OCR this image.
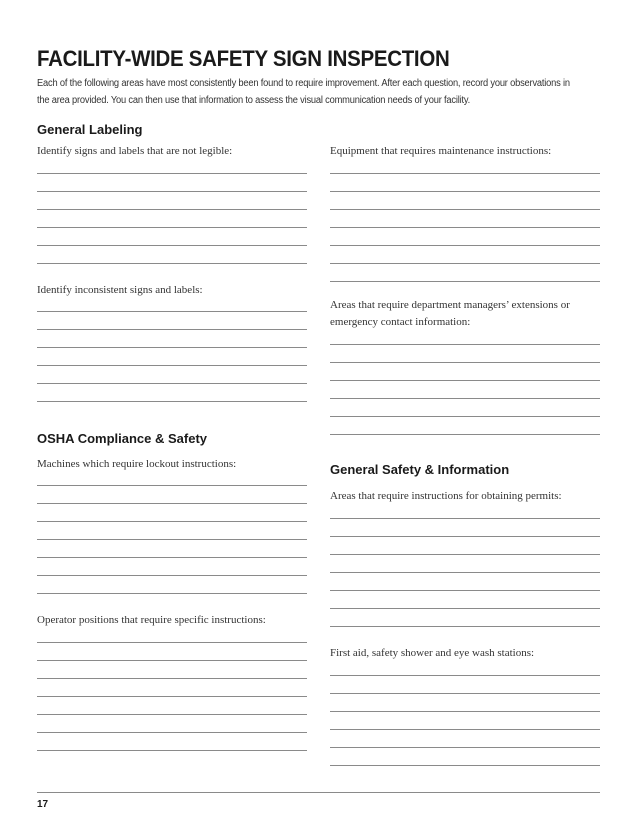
FACILITY-WIDE SAFETY SIGN INSPECTION
Each of the following areas have most consistently been found to require improvement. After each question, record your observations in
the area provided. You can then use that information to assess the visual communication needs of your facility.
General Labeling
Identify signs and labels that are not legible:
Identify inconsistent signs and labels:
OSHA Compliance & Safety
Machines which require lockout instructions:
Operator positions that require specific instructions:
Equipment that requires maintenance instructions:
Areas that require department managers’ extensions or
emergency contact information:
General Safety & Information
Areas that require instructions for obtaining permits:
First aid, safety shower and eye wash stations:
17
